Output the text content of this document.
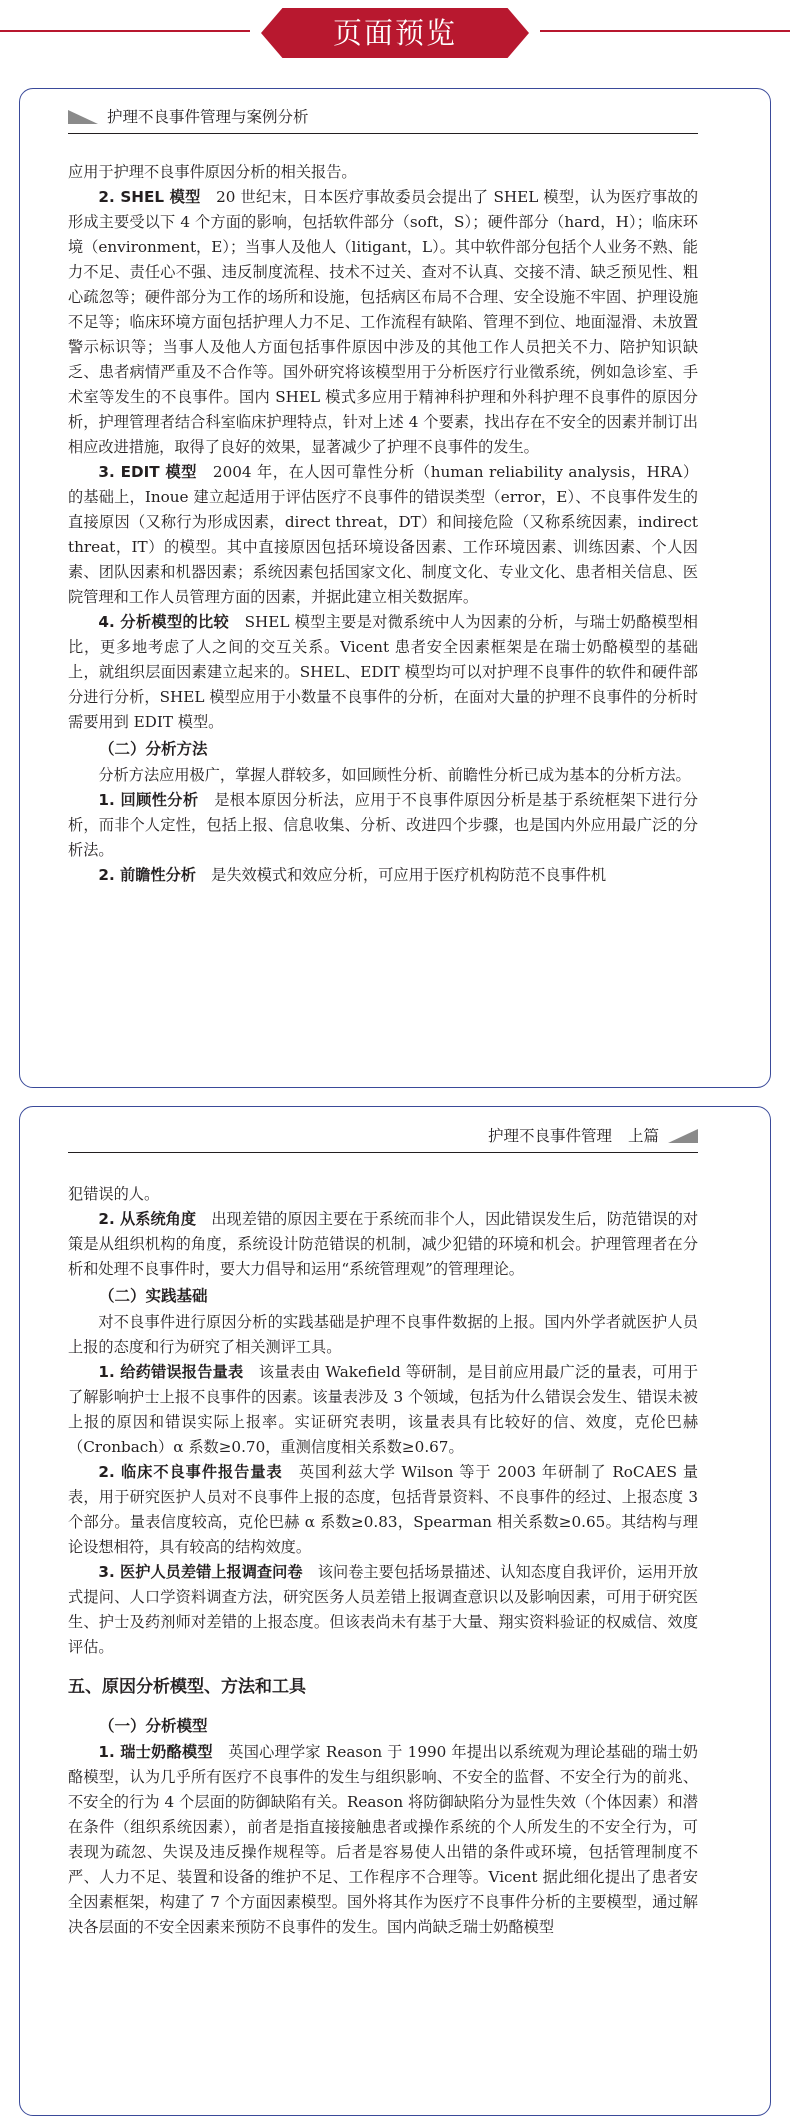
页面预览
护理不良事件管理与案例分析

应用于护理不良事件原因分析的相关报告。

2. SHEL 模型　 20 世纪末，日本医疗事故委员会提出了 SHEL 模型，认为医疗事故的形成主要受以下 4 个方面的影响，包括软件部分（soft，S）；硬件部分（hard，H）；临床环境（environment，E）；当事人及他人（litigant，L）。其中软件部分包括个人业务不熟、能力不足、责任心不强、违反制度流程、技术不过关、查对不认真、交接不清、缺乏预见性、粗心疏忽等；硬件部分为工作的场所和设施，包括病区布局不合理、安全设施不牢固、护理设施不足等；临床环境方面包括护理人力不足、工作流程有缺陷、管理不到位、地面湿滑、未放置警示标识等；当事人及他人方面包括事件原因中涉及的其他工作人员把关不力、陪护知识缺乏、患者病情严重及不合作等。国外研究将该模型用于分析医疗行业徵系统，例如急诊室、手术室等发生的不良事件。国内 SHEL 模式多应用于精神科护理和外科护理不良事件的原因分析，护理管理者结合科室临床护理特点，针对上述 4 个要素，找出存在不安全的因素并制订出相应改进措施，取得了良好的效果，显著减少了护理不良事件的发生。

3. EDIT 模型　 2004 年，在人因可靠性分析（human reliability analysis，HRA）的基础上，Inoue 建立起适用于评估医疗不良事件的错误类型（error，E）、不良事件发生的直接原因（又称行为形成因素，direct threat，DT）和间接危险（又称系统因素，indirect threat，IT）的模型。其中直接原因包括环境设备因素、工作环境因素、训练因素、个人因素、团队因素和机器因素；系统因素包括国家文化、制度文化、专业文化、患者相关信息、医院管理和工作人员管理方面的因素，并据此建立相关数据库。

4. 分析模型的比较　 SHEL 模型主要是对微系统中人为因素的分析，与瑞士奶酪模型相比，更多地考虑了人之间的交互关系。Vicent 患者安全因素框架是在瑞士奶酪模型的基础上，就组织层面因素建立起来的。SHEL、EDIT 模型均可以对护理不良事件的软件和硬件部分进行分析，SHEL 模型应用于小数量不良事件的分析，在面对大量的护理不良事件的分析时需要用到 EDIT 模型。

（二）分析方法

分析方法应用极广，掌握人群较多，如回顾性分析、前瞻性分析已成为基本的分析方法。

1. 回顾性分析　 是根本原因分析法，应用于不良事件原因分析是基于系统框架下进行分析，而非个人定性，包括上报、信息收集、分析、改进四个步骤，也是国内外应用最广泛的分析法。

2. 前瞻性分析　 是失效模式和效应分析，可应用于医疗机构防范不良事件机

护理不良事件管理 上篇

犯错误的人。

2. 从系统角度　 出现差错的原因主要在于系统而非个人，因此错误发生后，防范错误的对策是从组织机构的角度，系统设计防范错误的机制，减少犯错的环境和机会。护理管理者在分析和处理不良事件时，要大力倡导和运用“系统管理观”的管理理论。

（二）实践基础

对不良事件进行原因分析的实践基础是护理不良事件数据的上报。国内外学者就医护人员上报的态度和行为研究了相关测评工具。

1. 给药错误报告量表　 该量表由 Wakefield 等研制，是目前应用最广泛的量表，可用于了解影响护士上报不良事件的因素。该量表涉及 3 个领域，包括为什么错误会发生、错误未被上报的原因和错误实际上报率。实证研究表明，该量表具有比较好的信、效度，克伦巴赫（Cronbach）α 系数≥0.70，重测信度相关系数≥0.67。

2. 临床不良事件报告量表　 英国利兹大学 Wilson 等于 2003 年研制了 RoCAES 量表，用于研究医护人员对不良事件上报的态度，包括背景资料、不良事件的经过、上报态度 3 个部分。量表信度较高，克伦巴赫 α 系数≥0.83，Spearman 相关系数≥0.65。其结构与理论设想相符，具有较高的结构效度。

3. 医护人员差错上报调查问卷　 该问卷主要包括场景描述、认知态度自我评价，运用开放式提问、人口学资料调查方法，研究医务人员差错上报调查意识以及影响因素，可用于研究医生、护士及药剂师对差错的上报态度。但该表尚未有基于大量、翔实资料验证的权威信、效度评估。

五、原因分析模型、方法和工具
（一）分析模型

1. 瑞士奶酪模型　 英国心理学家 Reason 于 1990 年提出以系统观为理论基础的瑞士奶酪模型，认为几乎所有医疗不良事件的发生与组织影响、不安全的监督、不安全行为的前兆、不安全的行为 4 个层面的防御缺陷有关。Reason 将防御缺陷分为显性失效（个体因素）和潜在条件（组织系统因素），前者是指直接接触患者或操作系统的个人所发生的不安全行为，可表现为疏忽、失误及违反操作规程等。后者是容易使人出错的条件或环境，包括管理制度不严、人力不足、装置和设备的维护不足、工作程序不合理等。Vicent 据此细化提出了患者安全因素框架，构建了 7 个方面因素模型。国外将其作为医疗不良事件分析的主要模型，通过解决各层面的不安全因素来预防不良事件的发生。国内尚缺乏瑞士奶酪模型
